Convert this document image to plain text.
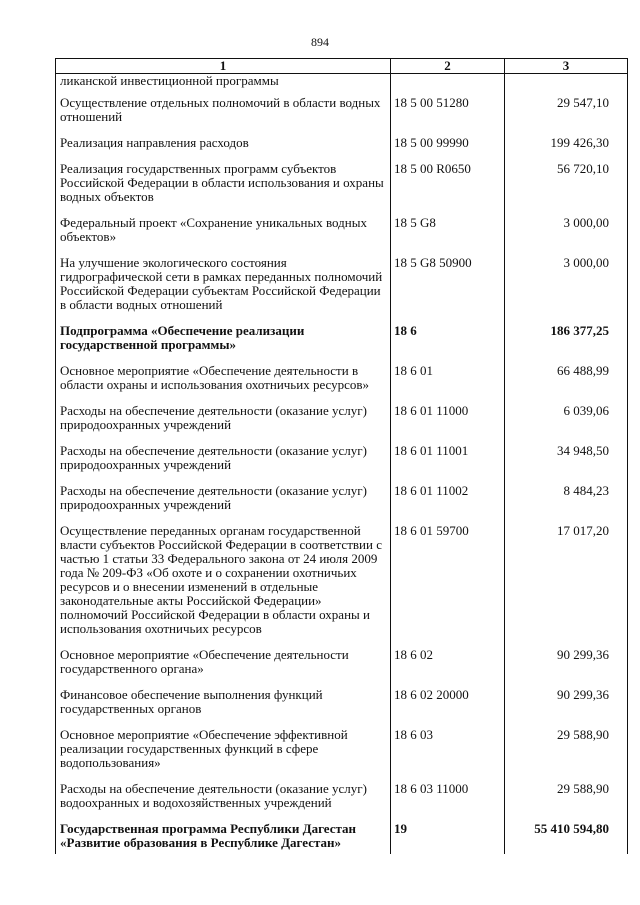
894
1	2	3
ликанской инвестиционной программы		
Осуществление отдельных полномочий в области водных отношений	18 5 00 51280	29 547,10
Реализация направления расходов	18 5 00 99990	199 426,30
Реализация государственных программ субъектов Российской Федерации в области использования и охраны водных объектов	18 5 00 R0650	56 720,10
Федеральный проект «Сохранение уникальных водных объектов»	18 5 G8	3 000,00
На улучшение экологического состояния гидрографической сети в рамках переданных полномочий Российской Федерации субъектам Российской Федерации в области водных отношений	18 5 G8 50900	3 000,00
Подпрограмма «Обеспечение реализации государственной программы»	18 6	186 377,25
Основное мероприятие «Обеспечение деятельности в области охраны и использования охотничьих ресурсов»	18 6 01	66 488,99
Расходы на обеспечение деятельности (оказание услуг) природоохранных учреждений	18 6 01 11000	6 039,06
Расходы на обеспечение деятельности (оказание услуг) природоохранных учреждений	18 6 01 11001	34 948,50
Расходы на обеспечение деятельности (оказание услуг) природоохранных учреждений	18 6 01 11002	8 484,23
Осуществление переданных органам государственной власти субъектов Российской Федерации в соответствии с частью 1 статьи 33 Федерального закона от 24 июля 2009 года № 209-ФЗ «Об охоте и о сохранении охотничьих ресурсов и о внесении изменений в отдельные законодательные акты Российской Федерации» полномочий Российской Федерации в области охраны и использования охотничьих ресурсов	18 6 01 59700	17 017,20
Основное мероприятие «Обеспечение деятельности государственного органа»	18 6 02	90 299,36
Финансовое обеспечение выполнения функций государственных органов	18 6 02 20000	90 299,36
Основное мероприятие «Обеспечение эффективной реализации государственных функций в сфере водопользования»	18 6 03	29 588,90
Расходы на обеспечение деятельности (оказание услуг) водоохранных и водохозяйственных учреждений	18 6 03 11000	29 588,90
Государственная программа Республики Дагестан «Развитие образования в Республике Дагестан»	19	55 410 594,80
